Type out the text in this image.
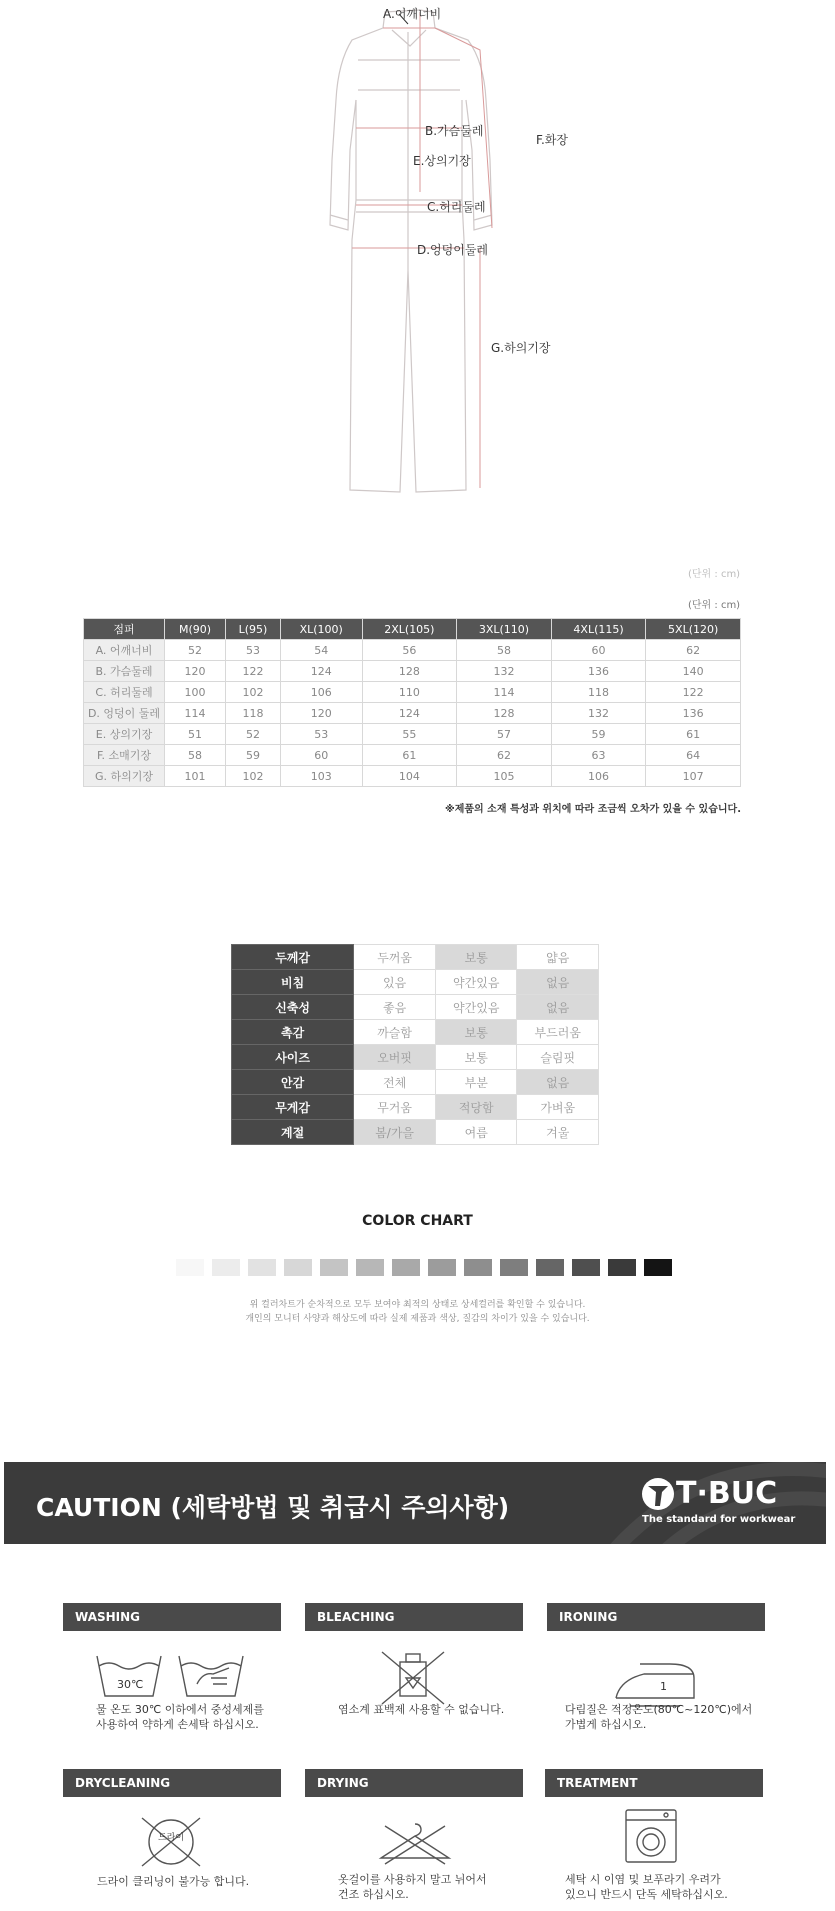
A.어깨너비
B.가슴둘레
E.상의기장
F.화장
C.허리둘레
D.엉덩이둘레
G.하의기장
(단위 : cm)
(단위 : cm)
점퍼	M(90)	L(95)	XL(100)	2XL(105)	3XL(110)	4XL(115)	5XL(120)
A. 어깨너비	52	53	54	56	58	60	62
B. 가슴둘레	120	122	124	128	132	136	140
C. 허리둘레	100	102	106	110	114	118	122
D. 엉덩이 둘레	114	118	120	124	128	132	136
E. 상의기장	51	52	53	55	57	59	61
F. 소매기장	58	59	60	61	62	63	64
G. 하의기장	101	102	103	104	105	106	107
※제품의 소재 특성과 위치에 따라 조금씩 오차가 있을 수 있습니다.
두께감	두꺼움	보통	얇음
비침	있음	약간있음	없음
신축성	좋음	약간있음	없음
촉감	까슬함	보통	부드러움
사이즈	오버핏	보통	슬림핏
안감	전체	부분	없음
무게감	무거움	적당함	가벼움
계절	봄/가을	여름	겨울
COLOR CHART
위 컬러차트가 순차적으로 모두 보여야 최적의 상태로 상세컬러를 확인할 수 있습니다.
개인의 모니터 사양과 해상도에 따라 실제 제품과 색상, 질감의 차이가 있을 수 있습니다.
CAUTION (세탁방법 및 취급시 주의사항)	T·BUC
The standard for workwear
WASHING
30℃
물 온도 30℃ 이하에서 중성세제를
사용하여 약하게 손세탁 하십시오.
BLEACHING
염소계 표백제 사용할 수 없습니다.
IRONING
1
다림질은 적정온도(80℃~120℃)에서
가볍게 하십시오.
DRYCLEANING
드라이
드라이 클리닝이 불가능 합니다.
DRYING
옷걸이를 사용하지 말고 뉘어서
건조 하십시오.
TREATMENT
세탁 시 이염 및 보푸라기 우려가
있으니 반드시 단독 세탁하십시오.
